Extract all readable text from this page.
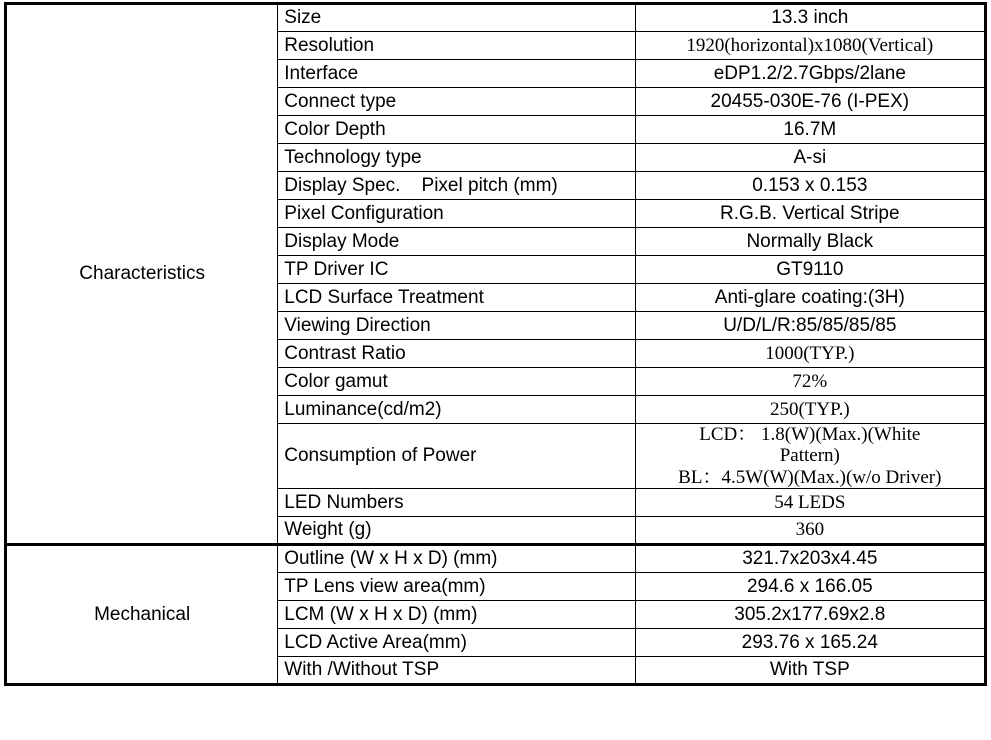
Characteristics	Size	13.3 inch
	Resolution	1920(horizontal)x1080(Vertical)
	Interface	eDP1.2/2.7Gbps/2lane
	Connect type	20455-030E-76 (I-PEX)
	Color Depth	16.7M
	Technology type	A-si
	Display Spec.    Pixel pitch (mm)	0.153 x 0.153
	Pixel Configuration	R.G.B. Vertical Stripe
	Display Mode	Normally Black
	TP Driver IC	GT9110
	LCD Surface Treatment	Anti-glare coating:(3H)
	Viewing Direction	U/D/L/R:85/85/85/85
	Contrast Ratio	1000(TYP.)
	Color gamut	72%
	Luminance(cd/m2)	250(TYP.)
	Consumption of Power	LCD： 1.8(W)(Max.)(White
Pattern)
BL：4.5W(W)(Max.)(w/o Driver)

	LED Numbers	54 LEDS
	Weight (g)	360
Mechanical	Outline (W x H x D) (mm)	321.7x203x4.45
	TP Lens view area(mm)	294.6 x 166.05
	LCM (W x H x D) (mm)	305.2x177.69x2.8
	LCD Active Area(mm)	293.76 x 165.24
	With /Without TSP	With TSP
